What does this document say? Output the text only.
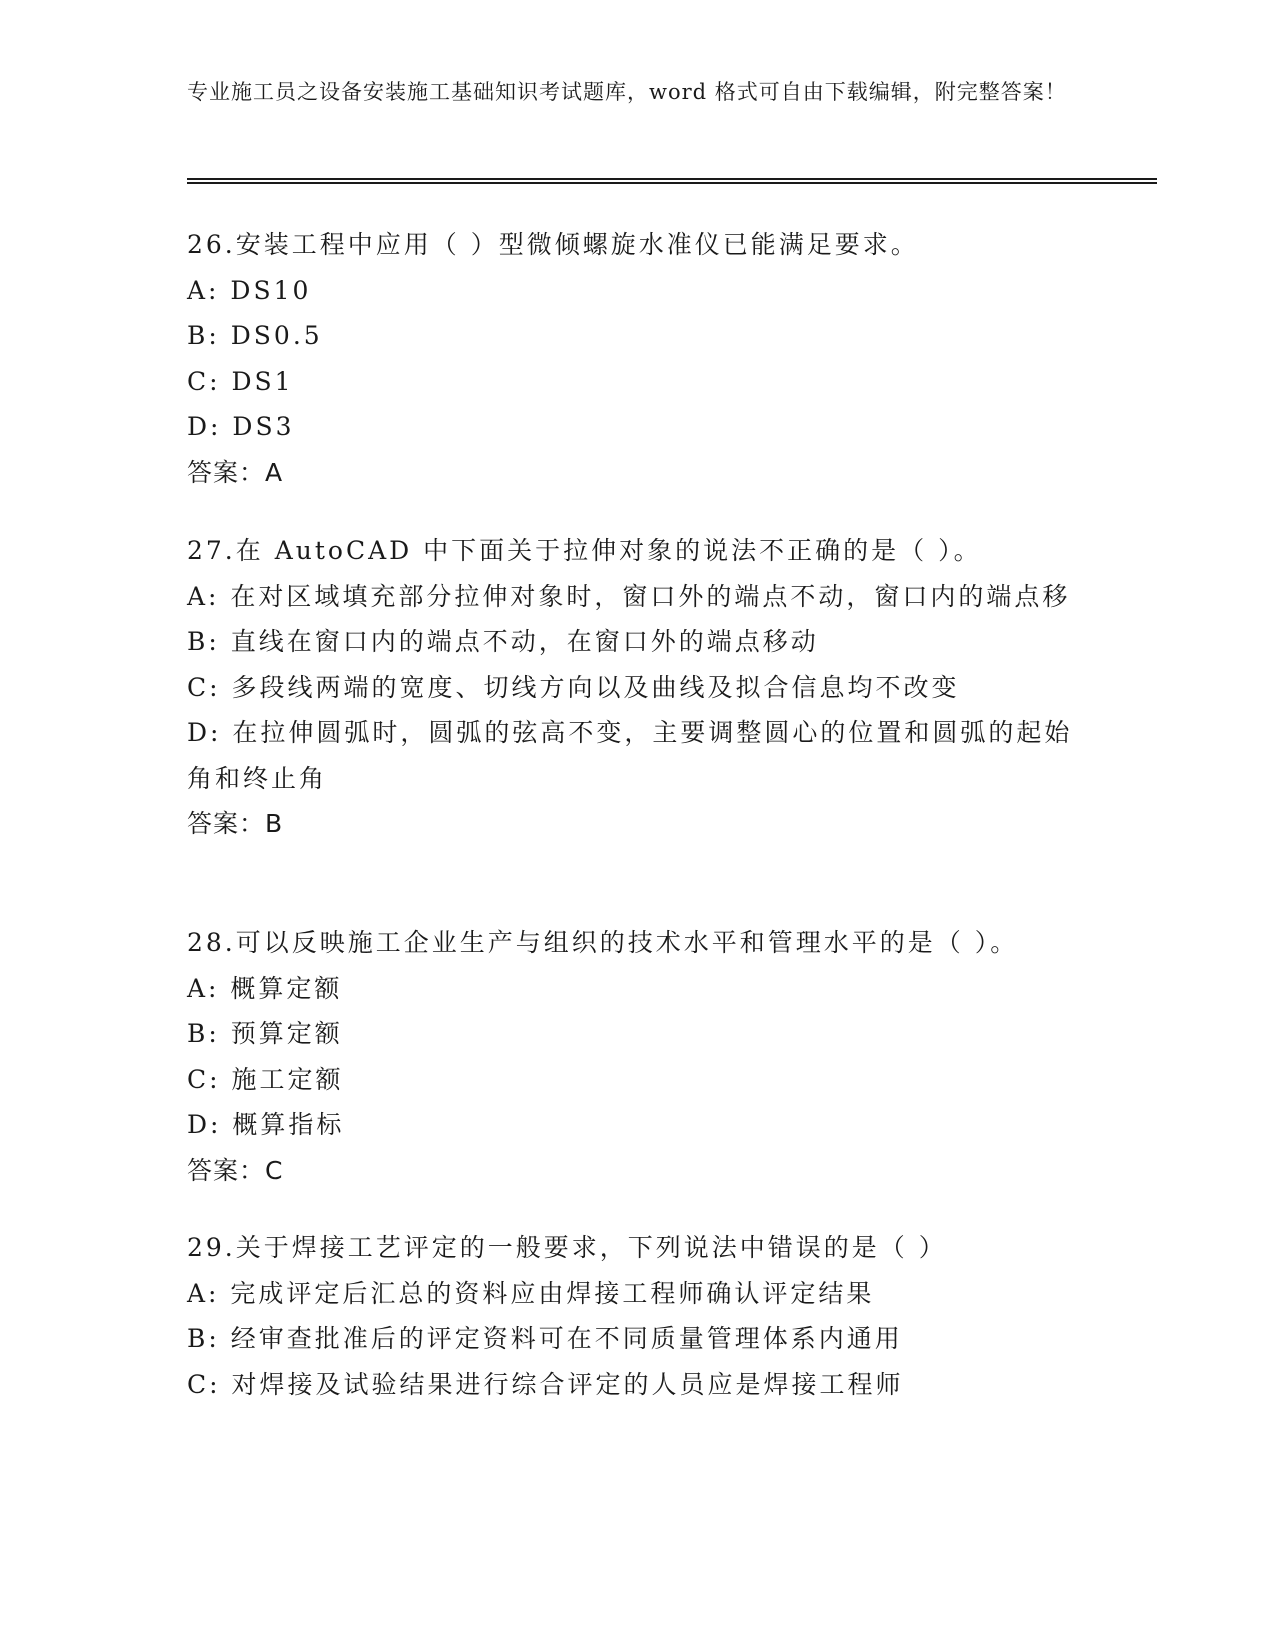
专业施工员之设备安装施工基础知识考试题库，word 格式可自由下载编辑，附完整答案！
26.安装工程中应用（ ）型微倾螺旋水准仪已能满足要求。
A: DS10
B: DS0.5
C: DS1
D: DS3
答案：A
27.在 AutoCAD 中下面关于拉伸对象的说法不正确的是（ ）。
A: 在对区域填充部分拉伸对象时，窗口外的端点不动，窗口内的端点移
B: 直线在窗口内的端点不动，在窗口外的端点移动
C: 多段线两端的宽度、切线方向以及曲线及拟合信息均不改变
D: 在拉伸圆弧时，圆弧的弦高不变，主要调整圆心的位置和圆弧的起始角和终止角
答案：B
28.可以反映施工企业生产与组织的技术水平和管理水平的是（ ）。
A: 概算定额
B: 预算定额
C: 施工定额
D: 概算指标
答案：C
29.关于焊接工艺评定的一般要求，下列说法中错误的是（ ）
A: 完成评定后汇总的资料应由焊接工程师确认评定结果
B: 经审查批准后的评定资料可在不同质量管理体系内通用
C: 对焊接及试验结果进行综合评定的人员应是焊接工程师
